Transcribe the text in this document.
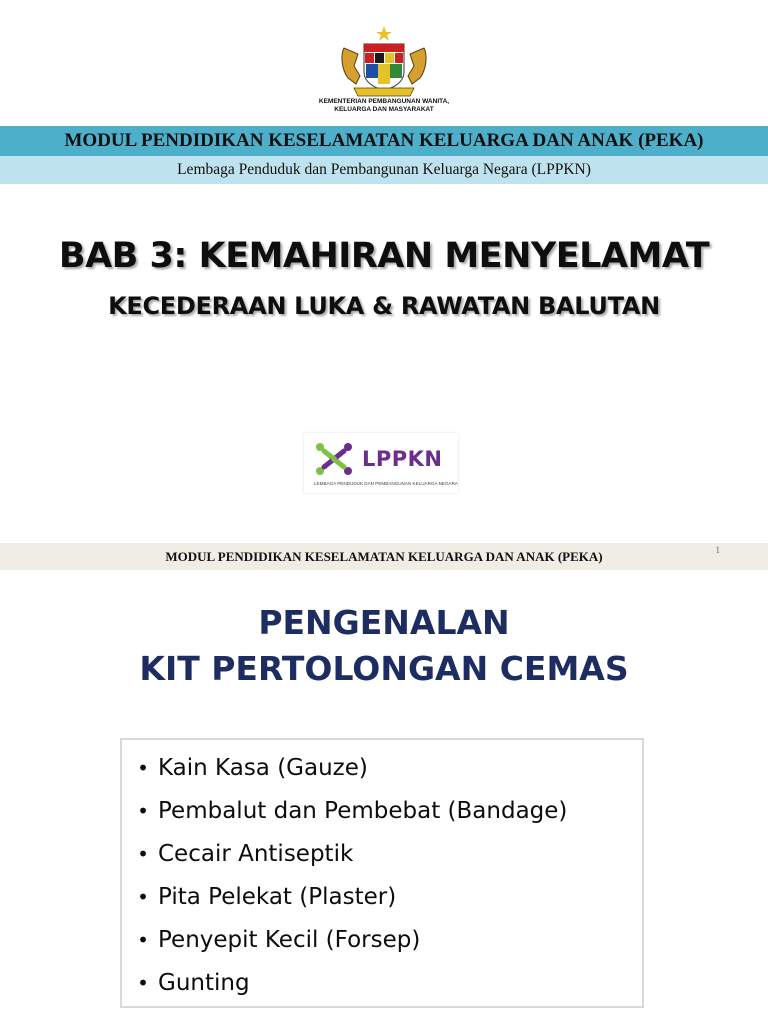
KEMENTERIAN PEMBANGUNAN WANITA,
KELUARGA DAN MASYARAKAT
MODUL PENDIDIKAN KESELAMATAN KELUARGA DAN ANAK (PEKA)
Lembaga Penduduk dan Pembangunan Keluarga Negara (LPPKN)
BAB 3: KEMAHIRAN MENYELAMAT
KECEDERAAN LUKA & RAWATAN BALUTAN
LPPKN
LEMBAGA PENDUDUK DAN PEMBANGUNAN KELUARGA NEGARA
MODUL PENDIDIKAN KESELAMATAN KELUARGA DAN ANAK (PEKA)	1
PENGENALAN
KIT PERTOLONGAN CEMAS
• Kain Kasa (Gauze)
• Pembalut dan Pembebat (Bandage)
• Cecair Antiseptik
• Pita Pelekat (Plaster)
• Penyepit Kecil (Forsep)
• Gunting
